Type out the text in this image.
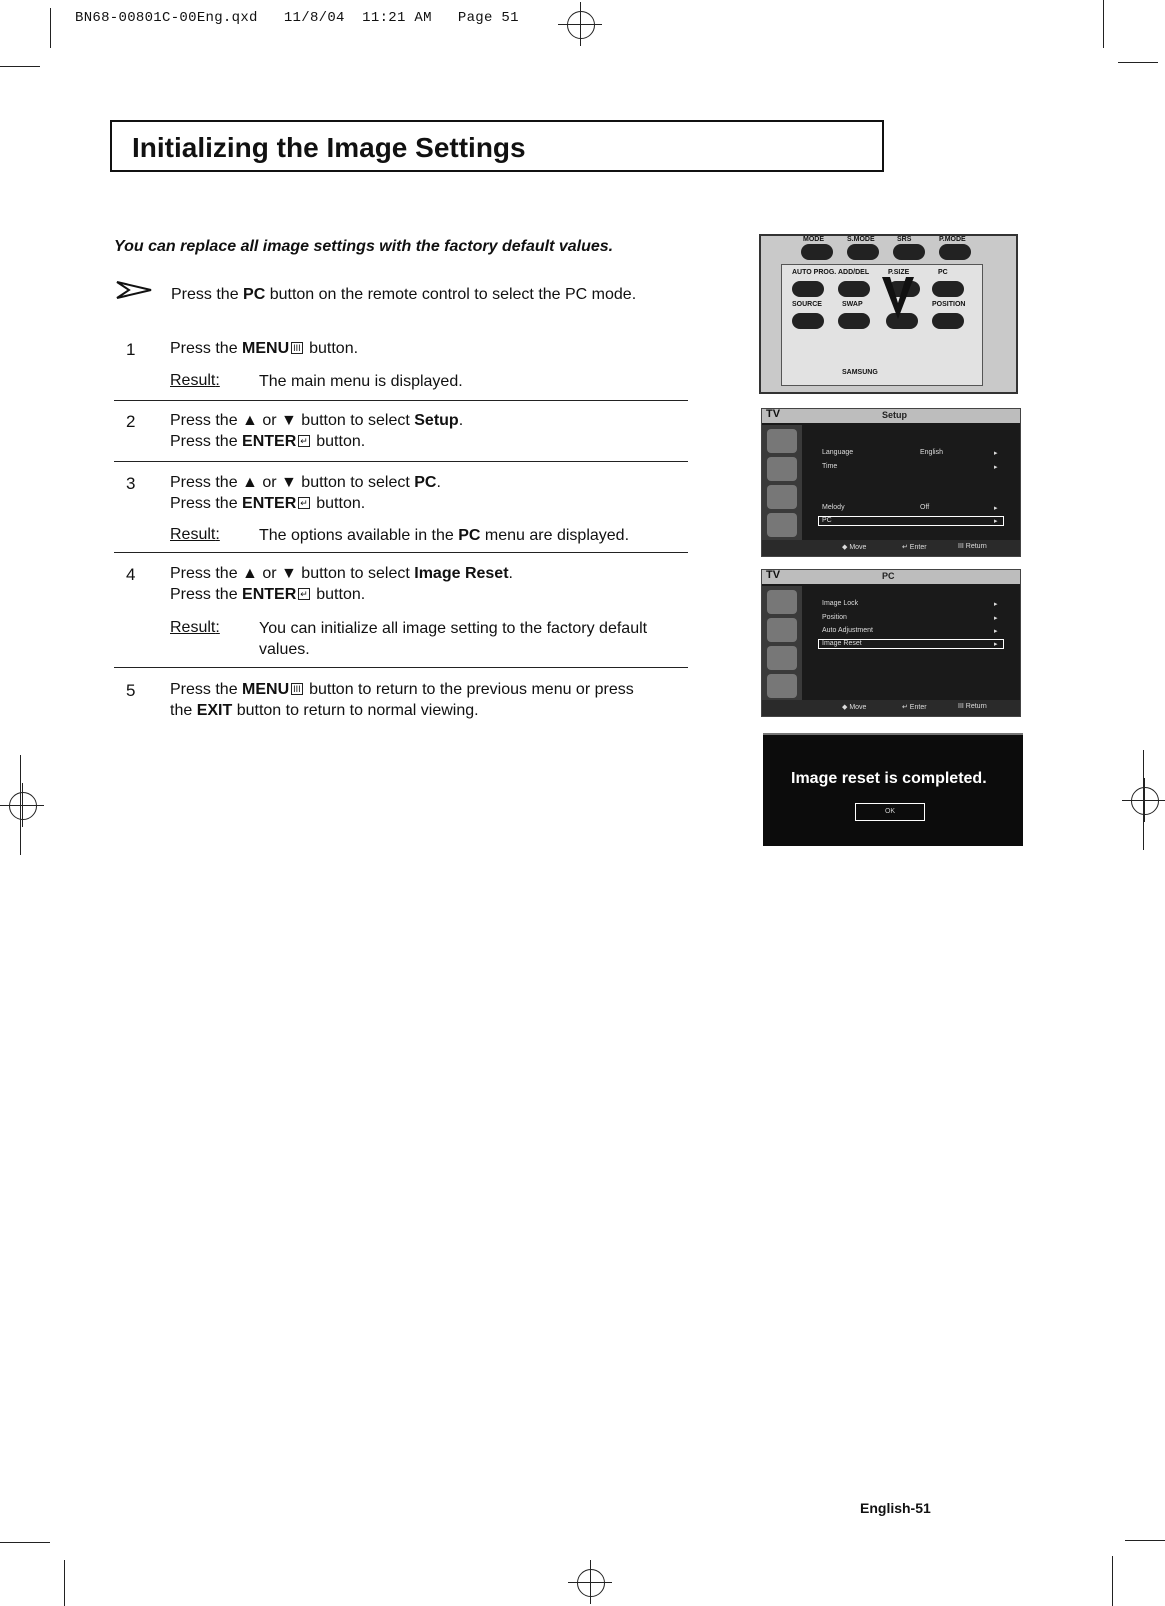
BN68-00801C-00Eng.qxd 11/8/04 11:21 AM Page 51
Initializing the Image Settings
You can replace all image settings with the factory default values.
Press the PC button on the remote control to select the PC mode.
1 Press the MENU III button.
Result: The main menu is displayed.
2 Press the ▲ or ▼ button to select Setup.
Press the ENTER ↵ button.
3 Press the ▲ or ▼ button to select PC.
Press the ENTER ↵ button.
Result: The options available in the PC menu are displayed.
4 Press the ▲ or ▼ button to select Image Reset.
Press the ENTER ↵ button.
Result: You can initialize all image setting to the factory default values.
5 Press the MENU III button to return to the previous menu or press
the EXIT button to return to normal viewing.
MODE	S.MODE	SRS	P.MODE
AUTO PROG. ADD/DEL	P.SIZE	PC
SOURCE	SWAP	POSITION
SAMSUNG
TV	Setup
Language	English	▸
Time	▸
Melody	Off	▸
PC	▸
◆ Move	↵ Enter	III Return
TV	PC
Image Lock	▸
Position	▸
Auto Adjustment	▸
Image Reset	▸
◆ Move	↵ Enter	III Return
Image reset is completed.
OK
English-51
